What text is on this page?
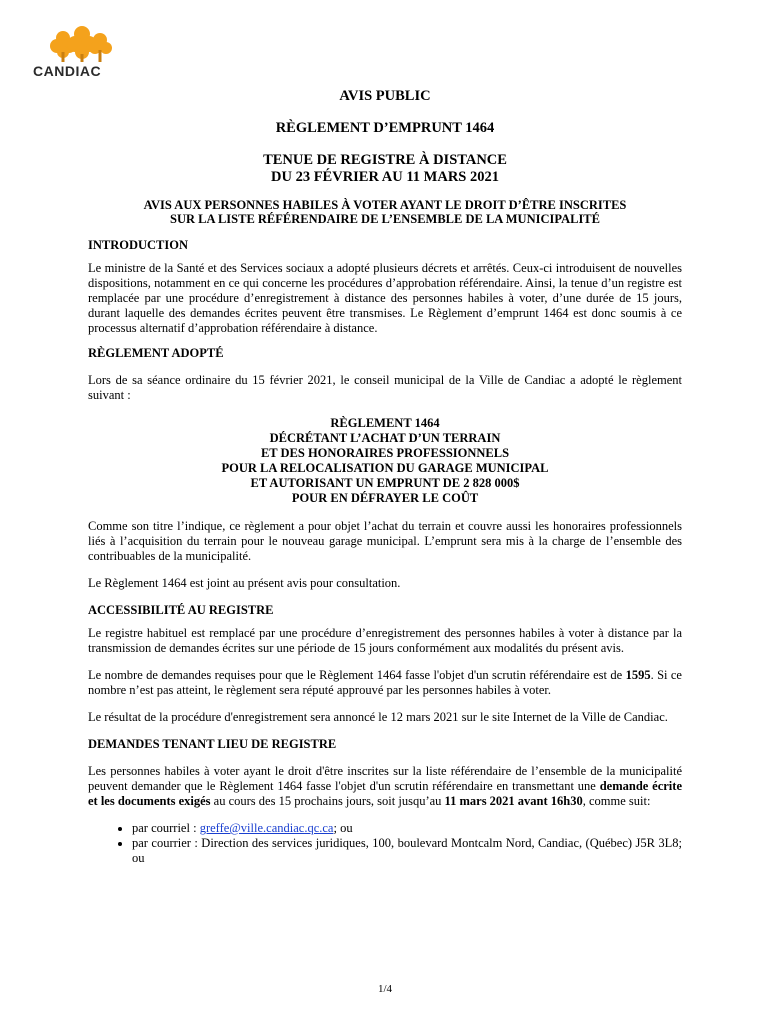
CANDIAC
AVIS PUBLIC
RÈGLEMENT D’EMPRUNT 1464
TENUE DE REGISTRE À DISTANCE
DU 23 FÉVRIER AU 11 MARS 2021
AVIS AUX PERSONNES HABILES À VOTER AYANT LE DROIT D’ÊTRE INSCRITES
SUR LA LISTE RÉFÉRENDAIRE DE L’ENSEMBLE DE LA MUNICIPALITÉ
INTRODUCTION

Le ministre de la Santé et des Services sociaux a adopté plusieurs décrets et arrêtés. Ceux-ci introduisent de nouvelles dispositions, notamment en ce qui concerne les procédures d’approbation référendaire. Ainsi, la tenue d’un registre est remplacée par une procédure d’enregistrement à distance des personnes habiles à voter, d’une durée de 15 jours, durant laquelle des demandes écrites peuvent être transmises. Le Règlement d’emprunt 1464 est donc soumis à ce processus alternatif d’approbation référendaire à distance.

RÈGLEMENT ADOPTÉ

Lors de sa séance ordinaire du 15 février 2021, le conseil municipal de la Ville de Candiac a adopté le règlement suivant :

RÈGLEMENT 1464
DÉCRÉTANT L’ACHAT D’UN TERRAIN
ET DES HONORAIRES PROFESSIONNELS
POUR LA RELOCALISATION DU GARAGE MUNICIPAL
ET AUTORISANT UN EMPRUNT DE 2 828 000$
POUR EN DÉFRAYER LE COÛT

Comme son titre l’indique, ce règlement a pour objet l’achat du terrain et couvre aussi les honoraires professionnels liés à l’acquisition du terrain pour le nouveau garage municipal. L’emprunt sera mis à la charge de l’ensemble des contribuables de la municipalité.

Le Règlement 1464 est joint au présent avis pour consultation.

ACCESSIBILITÉ AU REGISTRE

Le registre habituel est remplacé par une procédure d’enregistrement des personnes habiles à voter à distance par la transmission de demandes écrites sur une période de 15 jours conformément aux modalités du présent avis.

Le nombre de demandes requises pour que le Règlement 1464 fasse l'objet d'un scrutin référendaire est de 1595. Si ce nombre n’est pas atteint, le règlement sera réputé approuvé par les personnes habiles à voter.

Le résultat de la procédure d'enregistrement sera annoncé le 12 mars 2021 sur le site Internet de la Ville de Candiac.

DEMANDES TENANT LIEU DE REGISTRE

Les personnes habiles à voter ayant le droit d'être inscrites sur la liste référendaire de l’ensemble de la municipalité peuvent demander que le Règlement 1464 fasse l'objet d'un scrutin référendaire en transmettant une demande écrite et les documents exigés au cours des 15 prochains jours, soit jusqu’au 11 mars 2021 avant 16h30, comme suit:

• par courriel : greffe@ville.candiac.qc.ca; ou
• par courrier : Direction des services juridiques, 100, boulevard Montcalm Nord, Candiac, (Québec) J5R 3L8; ou
1/4
